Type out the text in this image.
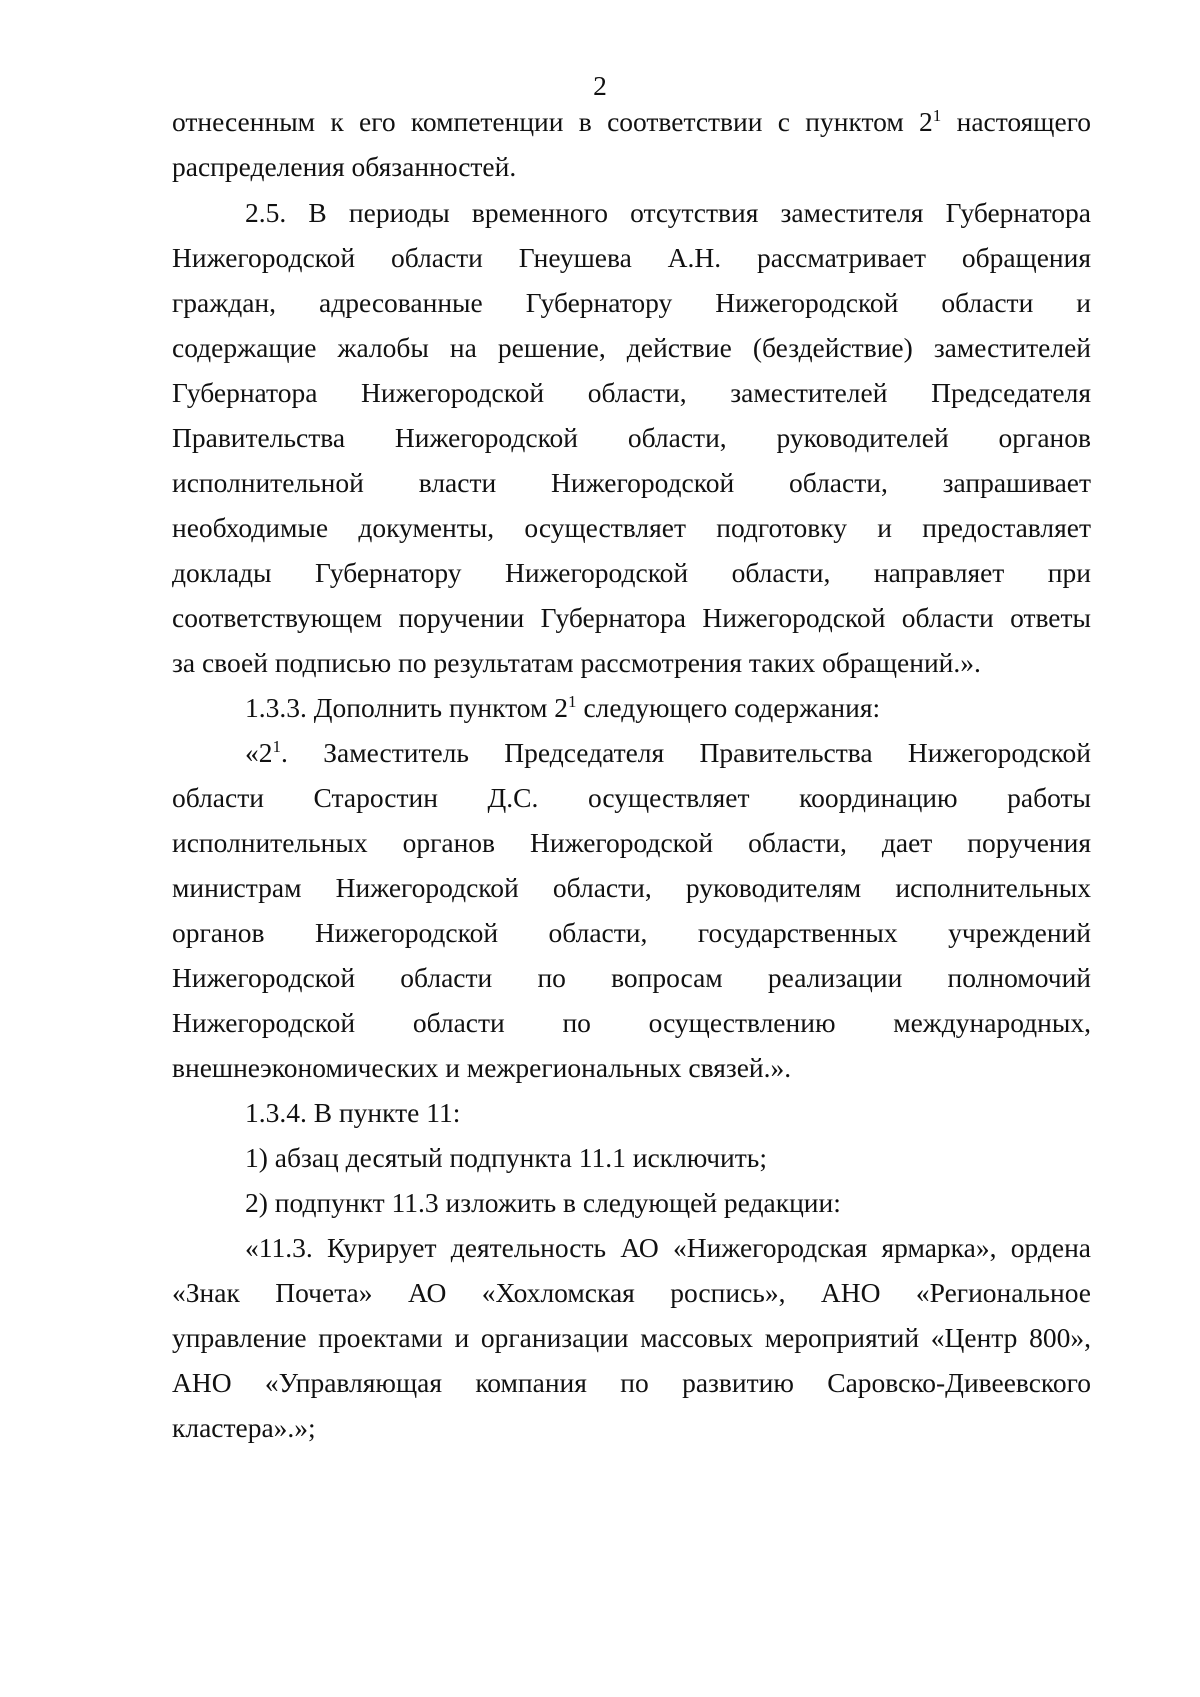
2
отнесенным к его компетенции в соответствии с пунктом $2^1$ настоящего
распределения обязанностей.
2.5. В периоды временного отсутствия заместителя Губернатора
Нижегородской области Гнеушева А.Н. рассматривает обращения
граждан, адресованные Губернатору Нижегородской области и
содержащие жалобы на решение, действие (бездействие) заместителей
Губернатора Нижегородской области, заместителей Председателя
Правительства Нижегородской области, руководителей органов
исполнительной власти Нижегородской области, запрашивает
необходимые документы, осуществляет подготовку и предоставляет
доклады Губернатору Нижегородской области, направляет при
соответствующем поручении Губернатора Нижегородской области ответы
за своей подписью по результатам рассмотрения таких обращений.».
1.3.3. Дополнить пунктом $2^1$ следующего содержания:
«$2^1$. Заместитель Председателя Правительства Нижегородской
области Старостин Д.С. осуществляет координацию работы
исполнительных органов Нижегородской области, дает поручения
министрам Нижегородской области, руководителям исполнительных
органов Нижегородской области, государственных учреждений
Нижегородской области по вопросам реализации полномочий
Нижегородской области по осуществлению международных,
внешнеэкономических и межрегиональных связей.».
1.3.4. В пункте 11:
1) абзац десятый подпункта 11.1 исключить;
2) подпункт 11.3 изложить в следующей редакции:
«11.3. Курирует деятельность АО «Нижегородская ярмарка», ордена
«Знак Почета» АО «Хохломская роспись», АНО «Региональное
управление проектами и организации массовых мероприятий «Центр 800»,
АНО «Управляющая компания по развитию Саровско-Дивеевского
кластера».»;
